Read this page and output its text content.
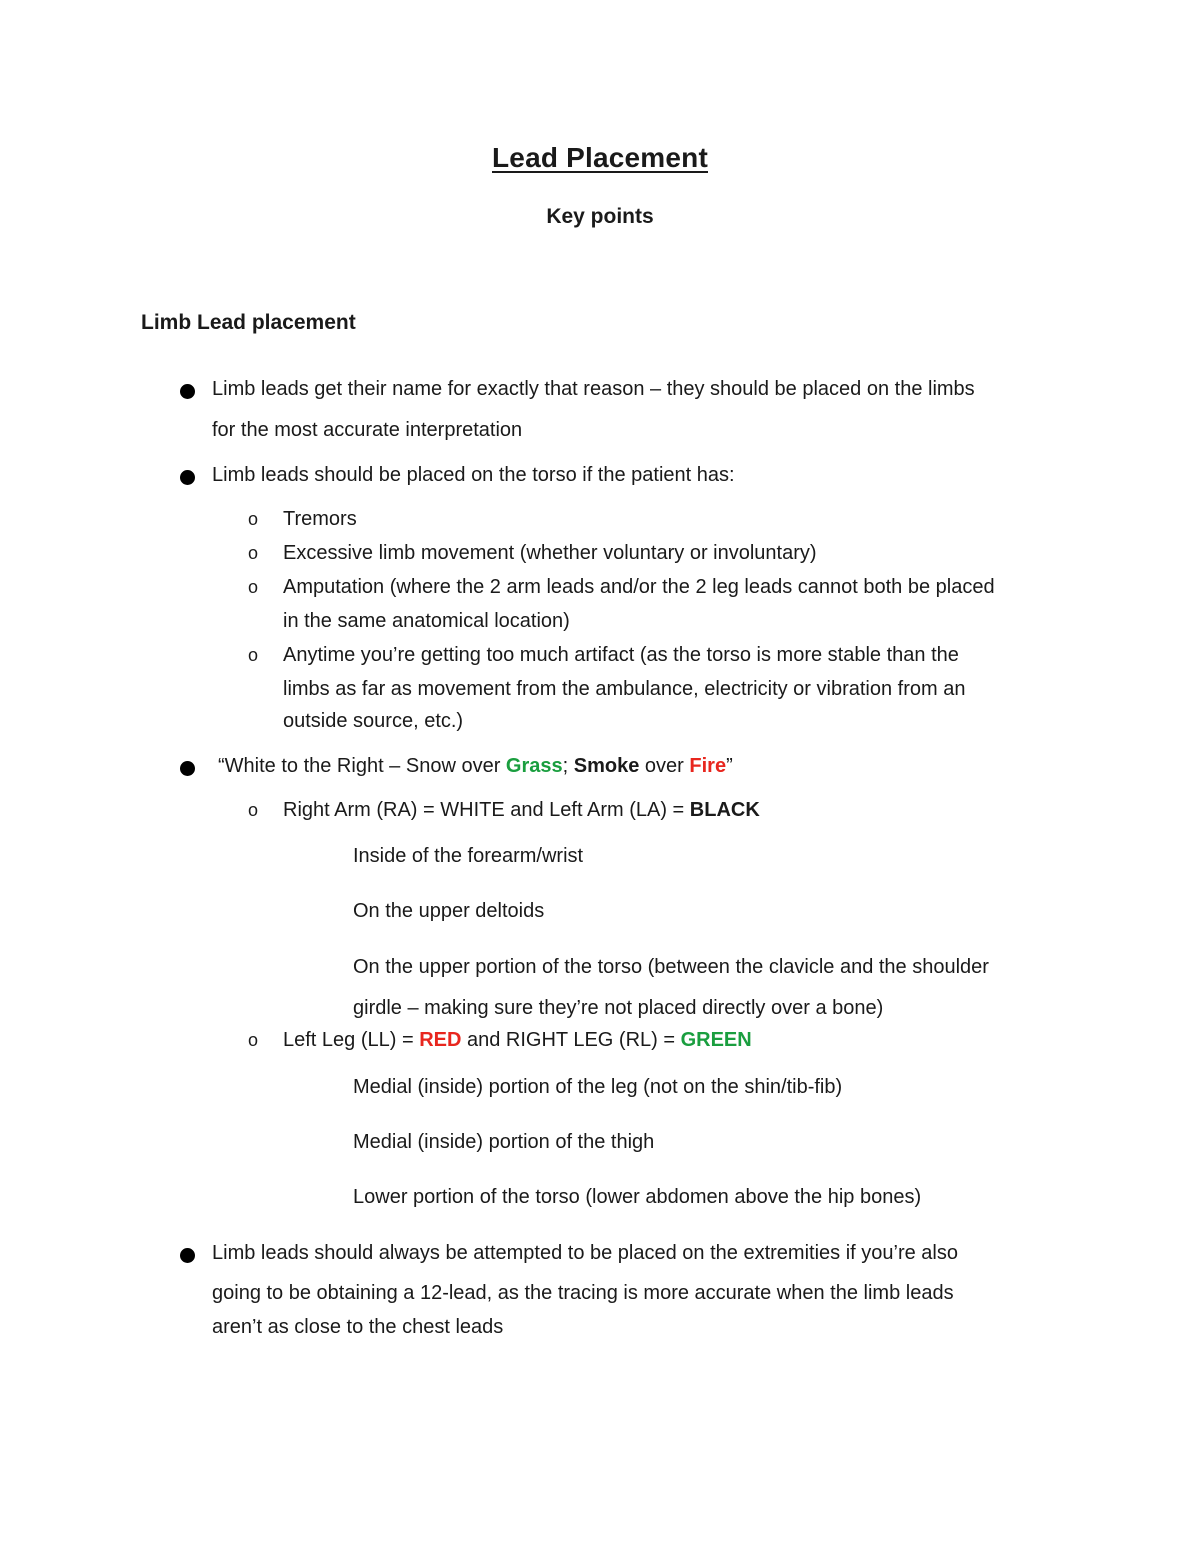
Lead Placement
Key points
Limb Lead placement
Limb leads get their name for exactly that reason – they should be placed on the limbs
for the most accurate interpretation
Limb leads should be placed on the torso if the patient has:
o Tremors
o Excessive limb movement (whether voluntary or involuntary)
o Amputation (where the 2 arm leads and/or the 2 leg leads cannot both be placed
in the same anatomical location)
o Anytime you’re getting too much artifact (as the torso is more stable than the
limbs as far as movement from the ambulance, electricity or vibration from an
outside source, etc.)
“White to the Right – Snow over Grass; Smoke over Fire”
o Right Arm (RA) = WHITE and Left Arm (LA) = BLACK
Inside of the forearm/wrist
On the upper deltoids
On the upper portion of the torso (between the clavicle and the shoulder
girdle – making sure they’re not placed directly over a bone)
o Left Leg (LL) = RED and RIGHT LEG (RL) = GREEN
Medial (inside) portion of the leg (not on the shin/tib-fib)
Medial (inside) portion of the thigh
Lower portion of the torso (lower abdomen above the hip bones)
Limb leads should always be attempted to be placed on the extremities if you’re also
going to be obtaining a 12-lead, as the tracing is more accurate when the limb leads
aren’t as close to the chest leads
